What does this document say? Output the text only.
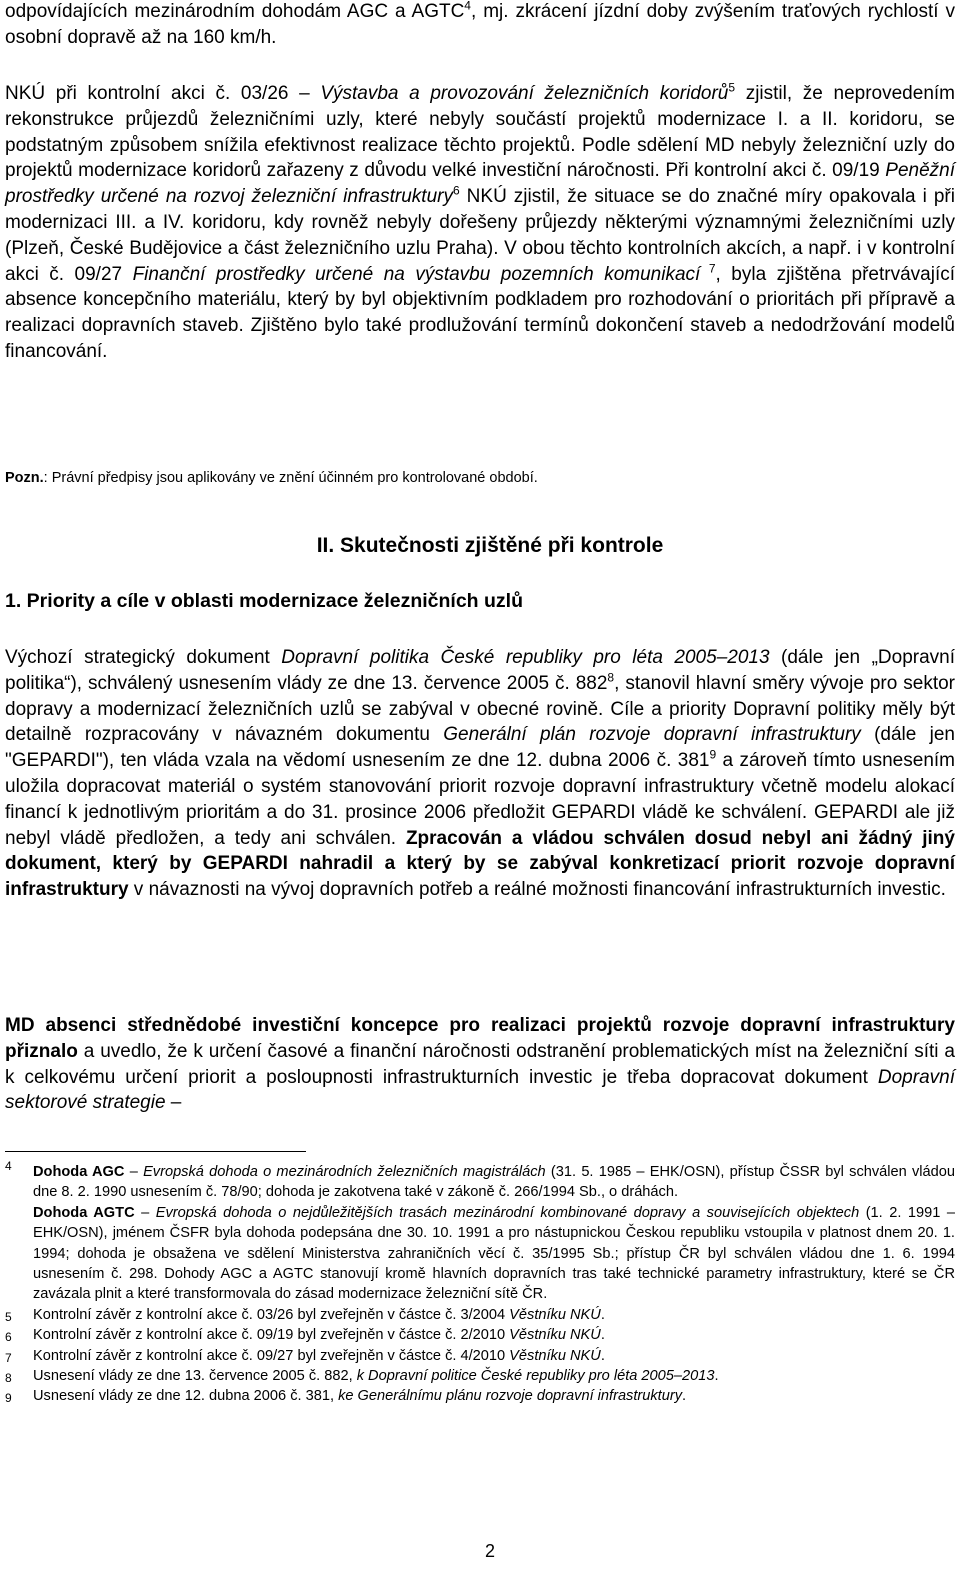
odpovídajících mezinárodním dohodám AGC a AGTC$^4$, mj. zkrácení jízdní doby zvýšením traťových rychlostí v osobní dopravě až na 160 km/h.

NKÚ při kontrolní akci č. 03/26 – Výstavba a provozování železničních koridorů$^5$ zjistil, že neprovedením rekonstrukce průjezdů železničními uzly, které nebyly součástí projektů modernizace I. a II. koridoru, se podstatným způsobem snížila efektivnost realizace těchto projektů. Podle sdělení MD nebyly železniční uzly do projektů modernizace koridorů zařazeny z důvodu velké investiční náročnosti. Při kontrolní akci č. 09/19 Peněžní prostředky určené na rozvoj železniční infrastruktury$^6$ NKÚ zjistil, že situace se do značné míry opakovala i při modernizaci III. a IV. koridoru, kdy rovněž nebyly dořešeny průjezdy některými významnými železničními uzly (Plzeň, České Budějovice a část železničního uzlu Praha). V obou těchto kontrolních akcích, a např. i v kontrolní akci č. 09/27 Finanční prostředky určené na výstavbu pozemních komunikací $^7$, byla zjištěna přetrvávající absence koncepčního materiálu, který by byl objektivním podkladem pro rozhodování o prioritách při přípravě a realizaci dopravních staveb. Zjištěno bylo také prodlužování termínů dokončení staveb a nedodržování modelů financování.

Pozn.: Právní předpisy jsou aplikovány ve znění účinném pro kontrolované období.

II. Skutečnosti zjištěné při kontrole
1. Priority a cíle v oblasti modernizace železničních uzlů

Výchozí strategický dokument Dopravní politika České republiky pro léta 2005–2013 (dále jen „Dopravní politika“), schválený usnesením vlády ze dne 13. července 2005 č. $882^8$, stanovil hlavní směry vývoje pro sektor dopravy a modernizací železničních uzlů se zabýval v obecné rovině. Cíle a priority Dopravní politiky měly být detailně rozpracovány v návazném dokumentu Generální plán rozvoje dopravní infrastruktury (dále jen "GEPARDI"), ten vláda vzala na vědomí usnesením ze dne 12. dubna 2006 č. $381^9$ a zároveň tímto usnesením uložila dopracovat materiál o systém stanovování priorit rozvoje dopravní infrastruktury včetně modelu alokací financí k jednotlivým prioritám a do 31. prosince 2006 předložit GEPARDI vládě ke schválení. GEPARDI ale již nebyl vládě předložen, a tedy ani schválen. Zpracován a vládou schválen dosud nebyl ani žádný jiný dokument, který by GEPARDI nahradil a který by se zabýval konkretizací priorit rozvoje dopravní infrastruktury v návaznosti na vývoj dopravních potřeb a reálné možnosti financování infrastrukturních investic.

MD absenci střednědobé investiční koncepce pro realizaci projektů rozvoje dopravní infrastruktury přiznalo a uvedlo, že k určení časové a finanční náročnosti odstranění problematických míst na železniční síti a k celkovému určení priorit a posloupnosti infrastrukturních investic je třeba dopracovat dokument Dopravní sektorové strategie –

4 Dohoda AGC – Evropská dohoda o mezinárodních železničních magistrálách (31. 5. 1985 – EHK/OSN), přístup ČSSR byl schválen vládou dne 8. 2. 1990 usnesením č. 78/90; dohoda je zakotvena také v zákoně č. 266/1994 Sb., o dráhách.
Dohoda AGTC – Evropská dohoda o nejdůležitějších trasách mezinárodní kombinované dopravy a souvisejících objektech (1. 2. 1991 – EHK/OSN), jménem ČSFR byla dohoda podepsána dne 30. 10. 1991 a pro nástupnickou Českou republiku vstoupila v platnost dnem 20. 1. 1994; dohoda je obsažena ve sdělení Ministerstva zahraničních věcí č. 35/1995 Sb.; přístup ČR byl schválen vládou dne 1. 6. 1994 usnesením č. 298. Dohody AGC a AGTC stanovují kromě hlavních dopravních tras také technické parametry infrastruktury, které se ČR zavázala plnit a které transformovala do zásad modernizace železniční sítě ČR.
5 Kontrolní závěr z kontrolní akce č. 03/26 byl zveřejněn v částce č. 3/2004 Věstníku NKÚ.
6 Kontrolní závěr z kontrolní akce č. 09/19 byl zveřejněn v částce č. 2/2010 Věstníku NKÚ.
7 Kontrolní závěr z kontrolní akce č. 09/27 byl zveřejněn v částce č. 4/2010 Věstníku NKÚ.
8 Usnesení vlády ze dne 13. července 2005 č. 882, k Dopravní politice České republiky pro léta 2005–2013.
9 Usnesení vlády ze dne 12. dubna 2006 č. 381, ke Generálnímu plánu rozvoje dopravní infrastruktury.
2
